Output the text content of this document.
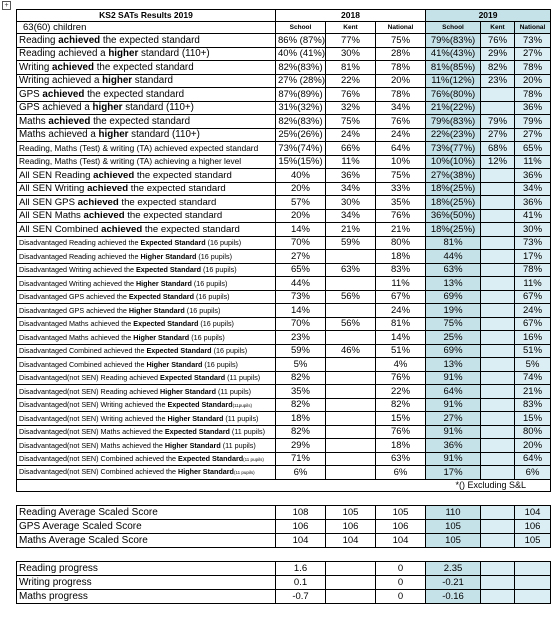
+
KS2 SATs Results 2019	2018			2019		
63(60) children	School	Kent	National	School	Kent	National
Reading achieved the expected standard	86% (87%)	77%	75%	79%(83%)	76%	73%
Reading achieved a higher standard (110+)	40% (41%)	30%	28%	41%(43%)	29%	27%
Writing achieved the expected standard	82%(83%)	81%	78%	81%(85%)	82%	78%
Writing achieved a higher standard	27% (28%)	22%	20%	11%(12%)	23%	20%
GPS achieved the expected standard	87%(89%)	76%	78%	76%(80%)		78%
GPS achieved a higher standard (110+)	31%(32%)	32%	34%	21%(22%)		36%
Maths achieved the expected standard	82%(83%)	75%	76%	79%(83%)	79%	79%
Maths achieved a higher standard (110+)	25%(26%)	24%	24%	22%(23%)	27%	27%
Reading, Maths (Test) & writing (TA) achieved expected standard	73%(74%)	66%	64%	73%(77%)	68%	65%
Reading, Maths (Test) & writing (TA) achieving a higher level	15%(15%)	11%	10%	10%(10%)	12%	11%
All SEN Reading achieved the expected standard	40%	36%	75%	27%(38%)		36%
All SEN Writing achieved the expected standard	20%	34%	33%	18%(25%)		34%
All SEN GPS achieved the expected standard	57%	30%	35%	18%(25%)		36%
All SEN Maths achieved the expected standard	20%	34%	76%	36%(50%)		41%
All SEN Combined achieved the expected standard	14%	21%	21%	18%(25%)		30%
Disadvantaged Reading achieved the Expected Standard (16 pupils)	70%	59%	80%	81%		73%
Disadvantaged Reading achieved the Higher Standard (16 pupils)	27%		18%	44%		17%
Disadvantaged Writing achieved the Expected Standard (16 pupils)	65%	63%	83%	63%		78%
Disadvantaged Writing achieved the Higher Standard (16 pupils)	44%		11%	13%		11%
Disadvantaged GPS achieved the Expected Standard (16 pupils)	73%	56%	67%	69%		67%
Disadvantaged GPS achieved the Higher Standard (16 pupils)	14%		24%	19%		24%
Disadvantaged Maths achieved the Expected Standard (16 pupils)	70%	56%	81%	75%		67%
Disadvantaged Maths achieved the Higher Standard (16 pupils)	23%		14%	25%		16%
Disadvantaged Combined achieved the Expected Standard (16 pupils)	59%	46%	51%	69%		51%
Disadvantaged Combined achieved the Higher Standard (16 pupils)	5%		4%	13%		5%
Disadvantaged(not SEN) Reading achieved Expected Standard (11 pupils)	82%		76%	91%		74%
Disadvantaged(not SEN) Reading achieved Higher Standard (11 pupils)	35%		22%	64%		21%
Disadvantaged(not SEN) Writing achieved the Expected Standard(11pupils)	82%		82%	91%		83%
Disadvantaged(not SEN) Writing achieved the Higher Standard (11 pupils)	18%		15%	27%		15%
Disadvantaged(not SEN) Maths achieved the Expected Standard (11 pupils)	82%		76%	91%		80%
Disadvantaged(not SEN) Maths achieved the Higher Standard (11 pupils)	29%		18%	36%		20%
Disadvantaged(not SEN) Combined achieved the Expected Standard(11 pupils)	71%		63%	91%		64%
Disadvantaged(not SEN) Combined achieved the Higher Standard(11 pupils)	6%		6%	17%		6%
	*() Excluding S&L					

Reading Average Scaled Score	108	105	105	110		104
GPS Average Scaled Score	106	106	106	105		106
Maths Average Scaled Score	104	104	104	105		105

Reading progress	1.6		0	2.35		
Writing progress	0.1		0	-0.21		
Maths progress	-0.7		0	-0.16		
